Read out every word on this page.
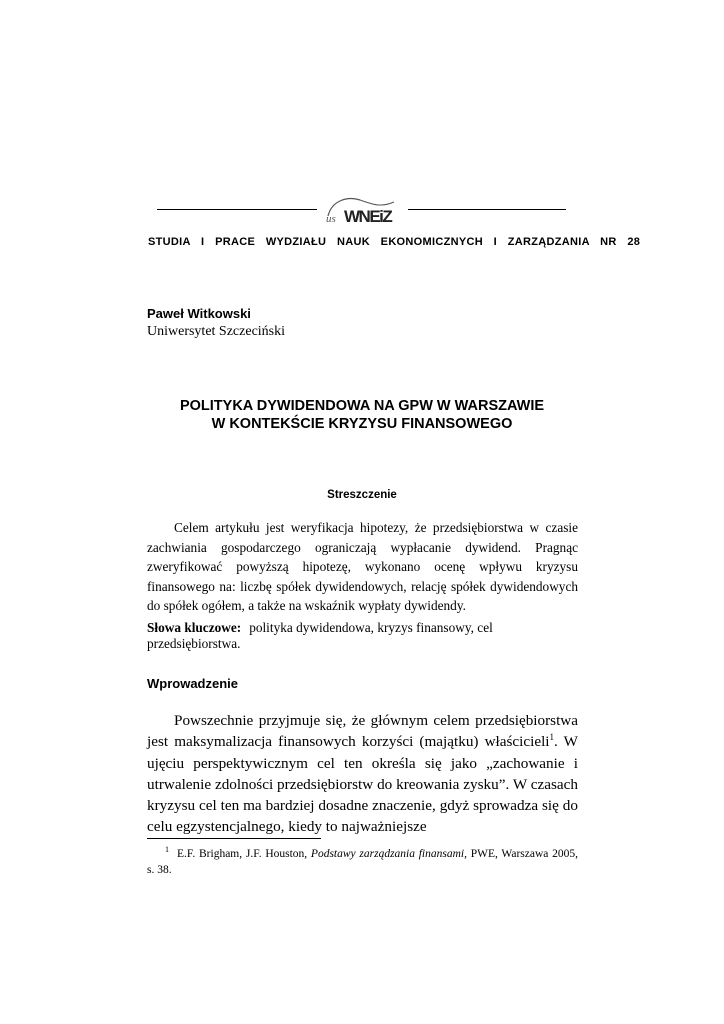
us WNEiZ
STUDIA  I  PRACE  WYDZIAŁU  NAUK  EKONOMICZNYCH  I  ZARZĄDZANIA  NR  28
Paweł Witkowski
Uniwersytet Szczeciński
POLITYKA DYWIDENDOWA NA GPW W WARSZAWIE
W KONTEKŚCIE KRYZYSU FINANSOWEGO
Streszczenie
Celem artykułu jest weryfikacja hipotezy, że przedsiębiorstwa w czasie zachwiania gospodarczego ograniczają wypłacanie dywidend. Pragnąc zweryfikować powyższą hipotezę, wykonano ocenę wpływu kryzysu finansowego na: liczbę spółek dywidendowych, relację spółek dywidendowych do spółek ogółem, a także na wskaźnik wypłaty dywidendy.
Słowa kluczowe: polityka dywidendowa, kryzys finansowy, cel przedsiębiorstwa.
Wprowadzenie
Powszechnie przyjmuje się, że głównym celem przedsiębiorstwa jest maksymalizacja finansowych korzyści (majątku) właścicieli$^1$. W ujęciu perspektywicznym cel ten określa się jako „zachowanie i utrwalenie zdolności przedsiębiorstw do kreowania zysku”. W czasach kryzysu cel ten ma bardziej dosadne znaczenie, gdyż sprowadza się do celu egzystencjalnego, kiedy to najważniejsze
$^1$ E.F. Brigham, J.F. Houston, Podstawy zarządzania finansami, PWE, Warszawa 2005, s. 38.
